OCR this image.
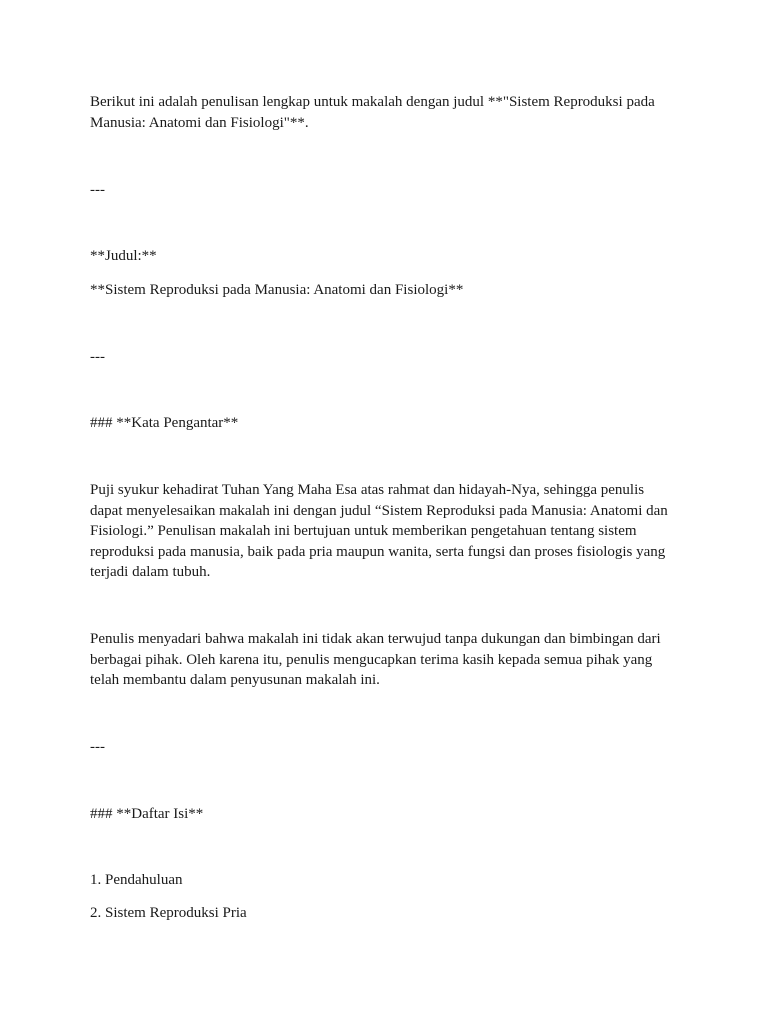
Berikut ini adalah penulisan lengkap untuk makalah dengan judul **"Sistem Reproduksi pada
Manusia: Anatomi dan Fisiologi"**.

---

**Judul:**

**Sistem Reproduksi pada Manusia: Anatomi dan Fisiologi**

---

### **Kata Pengantar**

Puji syukur kehadirat Tuhan Yang Maha Esa atas rahmat dan hidayah-Nya, sehingga penulis
dapat menyelesaikan makalah ini dengan judul “Sistem Reproduksi pada Manusia: Anatomi dan
Fisiologi.” Penulisan makalah ini bertujuan untuk memberikan pengetahuan tentang sistem
reproduksi pada manusia, baik pada pria maupun wanita, serta fungsi dan proses fisiologis yang
terjadi dalam tubuh.

Penulis menyadari bahwa makalah ini tidak akan terwujud tanpa dukungan dan bimbingan dari
berbagai pihak. Oleh karena itu, penulis mengucapkan terima kasih kepada semua pihak yang
telah membantu dalam penyusunan makalah ini.

---

### **Daftar Isi**

1. Pendahuluan

2. Sistem Reproduksi Pria
